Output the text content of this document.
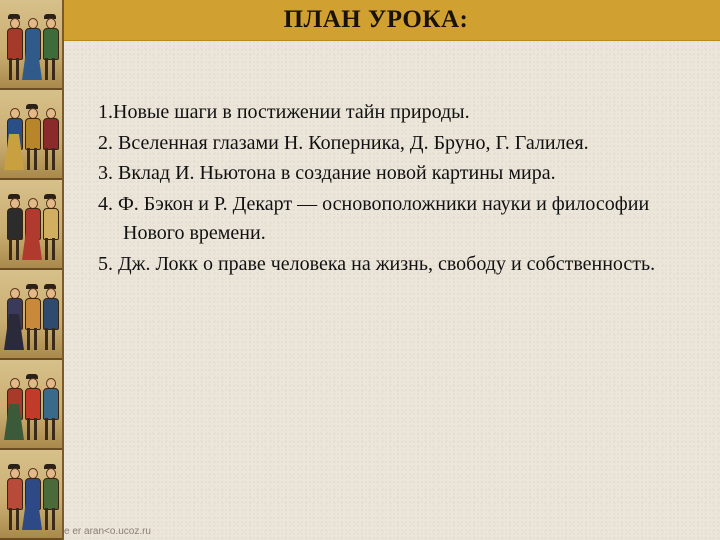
ПЛАН УРОКА:

1.Новые шаги в постижении тайн природы.

2. Вселенная глазами Н. Коперника, Д. Бруно, Г. Галилея.

3. Вклад И. Ньютона в создание новой картины мира.

4. Ф. Бэкон и Р. Декарт — основоположники науки и философии Нового времени.

5. Дж. Локк о праве человека на жизнь, свободу и собственность.

e er aran<o.ucoz.ru
